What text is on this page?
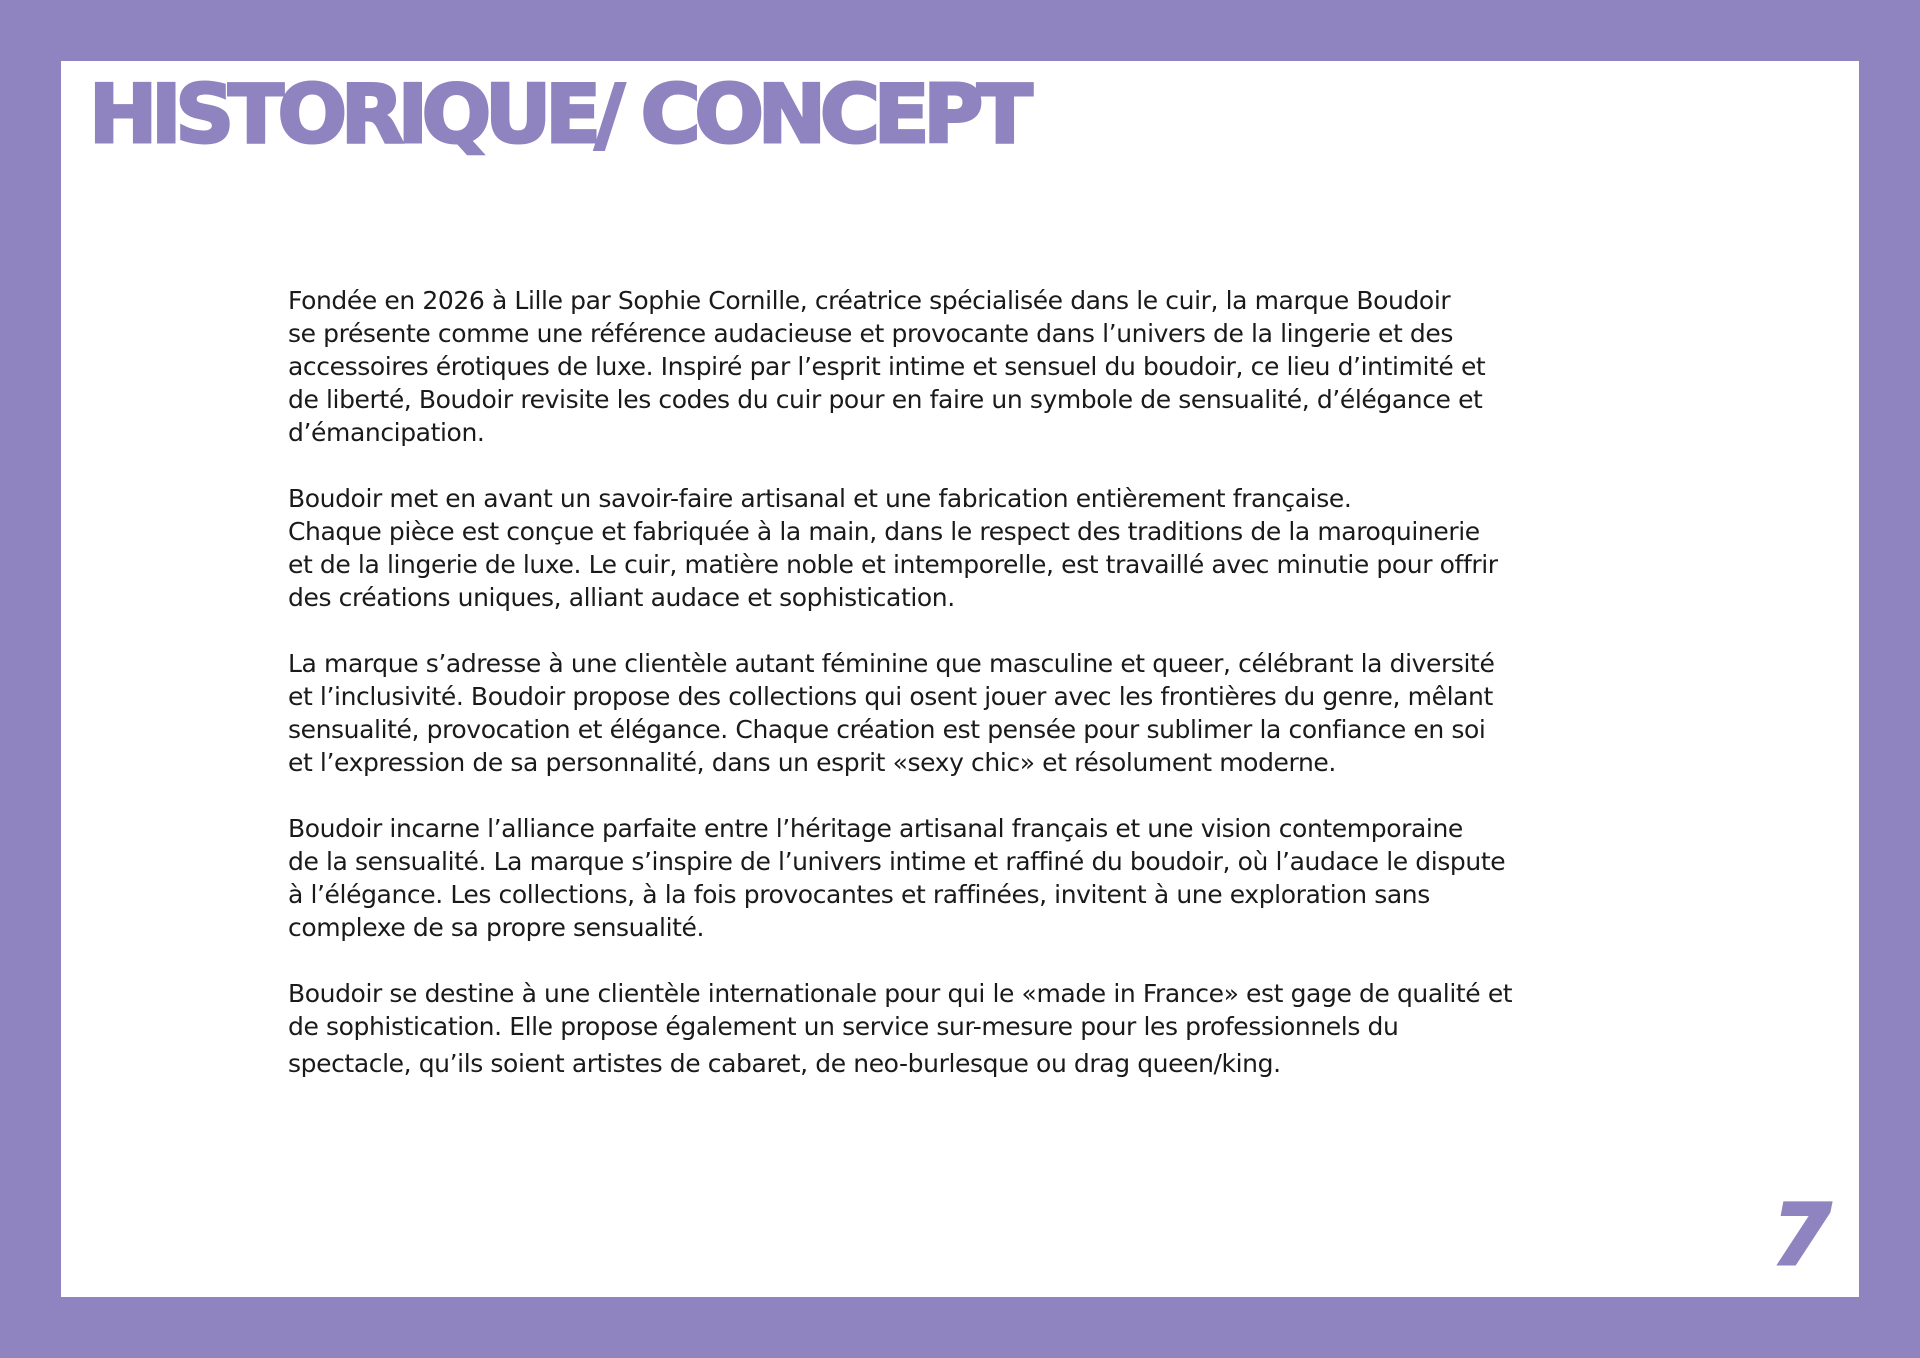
HISTORIQUE/ CONCEPT

Fondée en 2026 à Lille par Sophie Cornille, créatrice spécialisée dans le cuir, la marque Boudoir
se présente comme une référence audacieuse et provocante dans l’univers de la lingerie et des
accessoires érotiques de luxe. Inspiré par l’esprit intime et sensuel du boudoir, ce lieu d’intimité et
de liberté, Boudoir revisite les codes du cuir pour en faire un symbole de sensualité, d’élégance et
d’émancipation.

Boudoir met en avant un savoir-faire artisanal et une fabrication entièrement française.
Chaque pièce est conçue et fabriquée à la main, dans le respect des traditions de la maroquinerie
et de la lingerie de luxe. Le cuir, matière noble et intemporelle, est travaillé avec minutie pour offrir
des créations uniques, alliant audace et sophistication.

La marque s’adresse à une clientèle autant féminine que masculine et queer, célébrant la diversité
et l’inclusivité. Boudoir propose des collections qui osent jouer avec les frontières du genre, mêlant
sensualité, provocation et élégance. Chaque création est pensée pour sublimer la confiance en soi
et l’expression de sa personnalité, dans un esprit «sexy chic» et résolument moderne.

Boudoir incarne l’alliance parfaite entre l’héritage artisanal français et une vision contemporaine
de la sensualité. La marque s’inspire de l’univers intime et raffiné du boudoir, où l’audace le dispute
à l’élégance. Les collections, à la fois provocantes et raffinées, invitent à une exploration sans
complexe de sa propre sensualité.

Boudoir se destine à une clientèle internationale pour qui le «made in France» est gage de qualité et
de sophistication. Elle propose également un service sur-mesure pour les professionnels du
spectacle, qu’ils soient artistes de cabaret, de neo-burlesque ou drag queen/king.

7
